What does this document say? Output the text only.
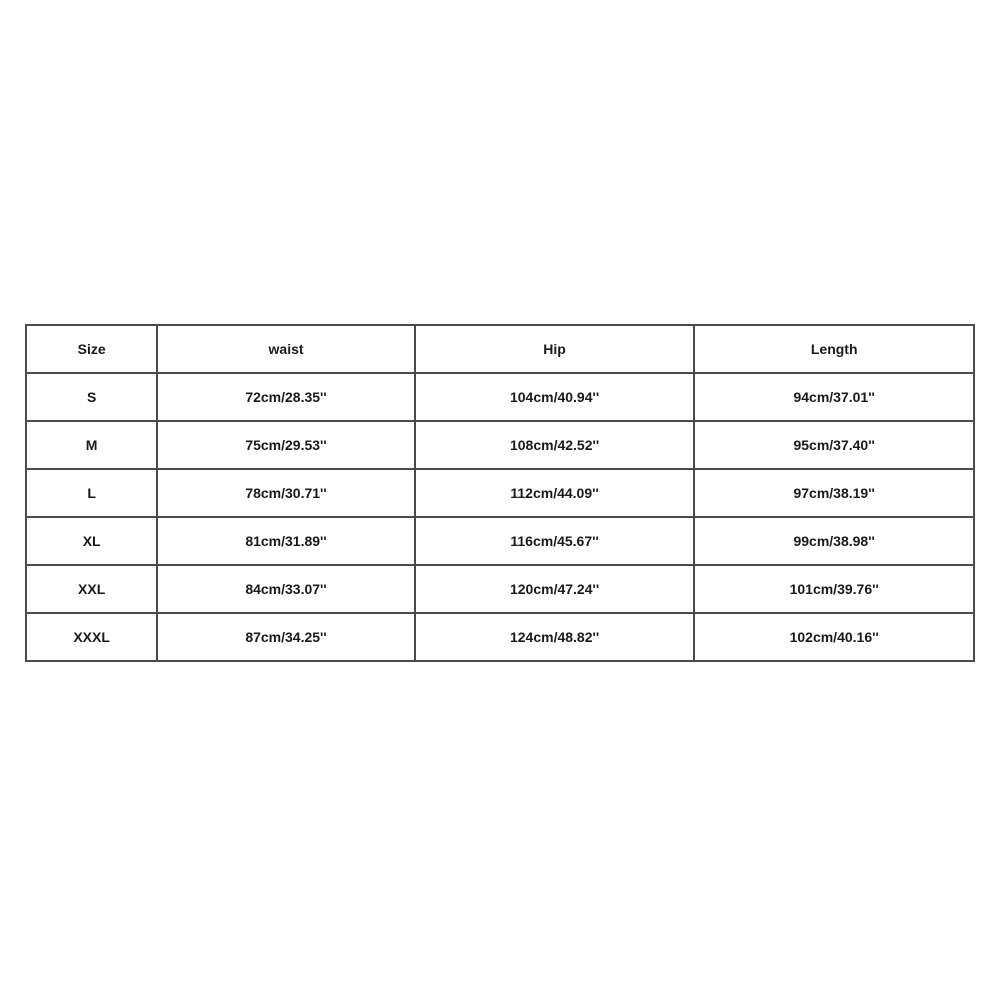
Size	waist	Hip	Length
S	72cm/28.35''	104cm/40.94''	94cm/37.01''
M	75cm/29.53''	108cm/42.52''	95cm/37.40''
L	78cm/30.71''	112cm/44.09''	97cm/38.19''
XL	81cm/31.89''	116cm/45.67''	99cm/38.98''
XXL	84cm/33.07''	120cm/47.24''	101cm/39.76''
XXXL	87cm/34.25''	124cm/48.82''	102cm/40.16''
